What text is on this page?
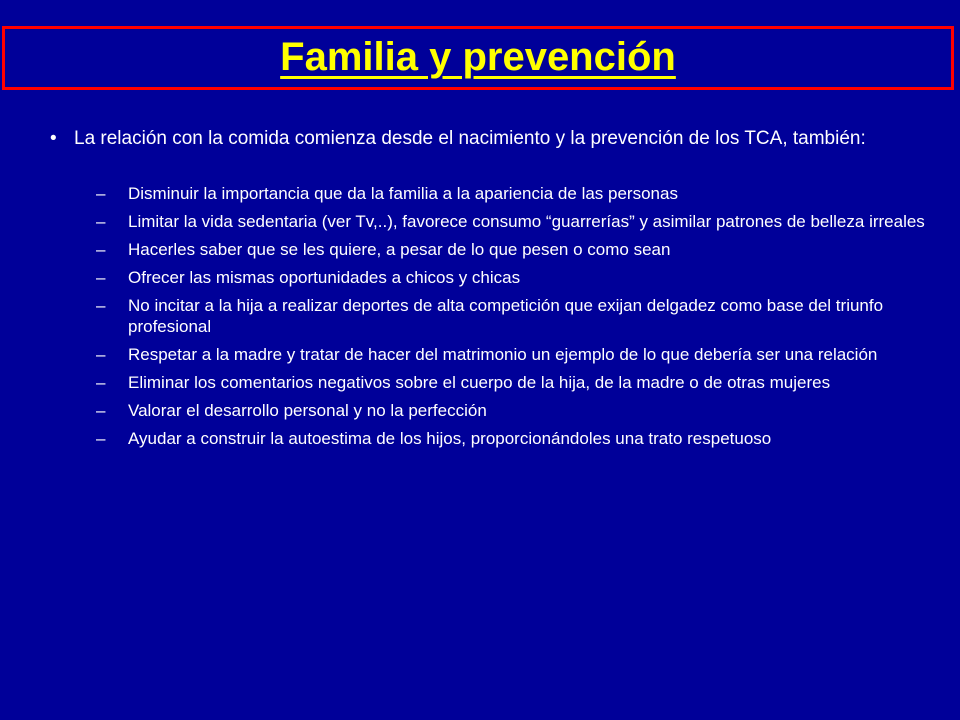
Familia y prevención
• La relación con la comida comienza desde el nacimiento y la prevención de los TCA, también:
–	Disminuir la importancia que da la familia a la apariencia de las personas
–	Limitar la vida sedentaria (ver Tv,..), favorece consumo “guarrerías” y asimilar patrones de belleza irreales
–	Hacerles saber que se les quiere, a pesar de lo que pesen o como sean
–	Ofrecer las mismas oportunidades a chicos y chicas
–	No incitar a la hija a realizar deportes de alta competición que exijan delgadez como base del triunfo profesional
–	Respetar a la madre y tratar de hacer del matrimonio un ejemplo de lo que debería ser una relación
–	Eliminar los comentarios negativos sobre el cuerpo de la hija, de la madre o de otras mujeres
–	Valorar el desarrollo personal y no la perfección
–	Ayudar a construir la autoestima de los hijos, proporcionándoles una trato respetuoso
